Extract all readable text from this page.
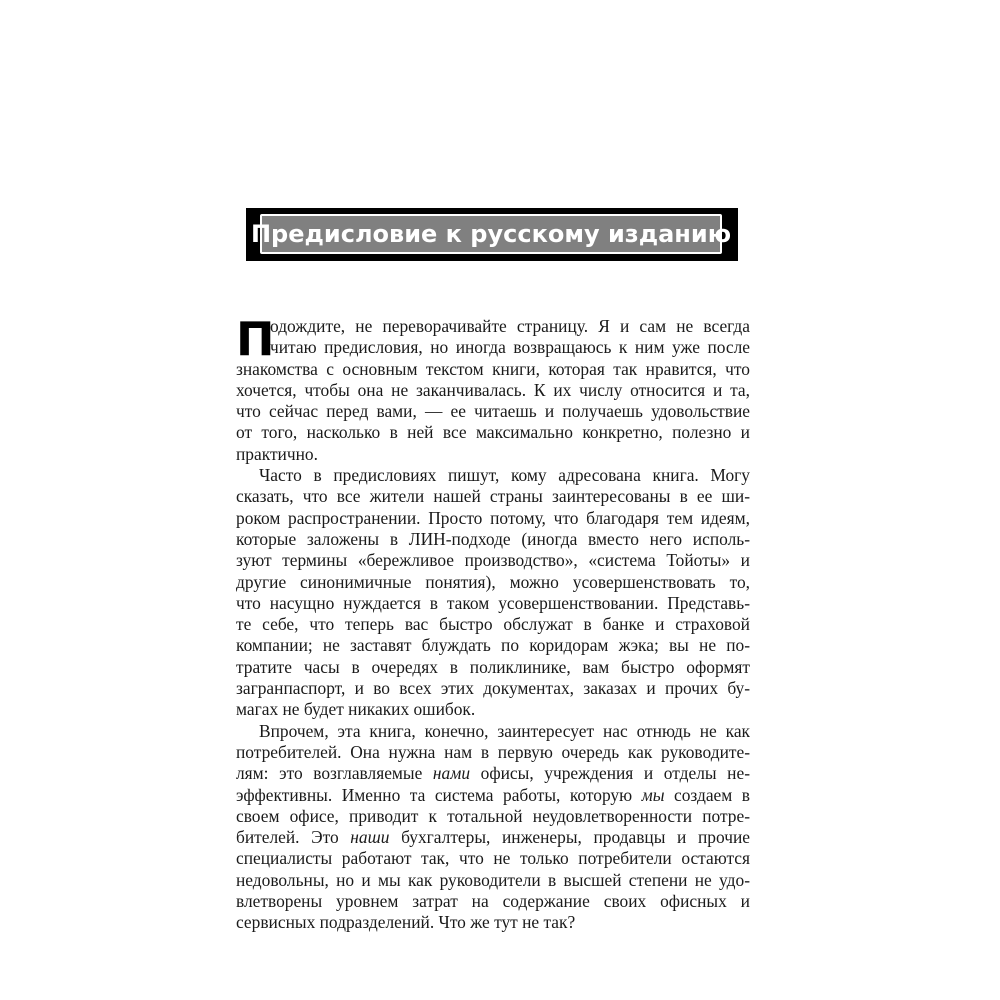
Предисловие к русскому изданию
П
одождите, не переворачивайте страницу. Я и сам не всегда
читаю предисловия, но иногда возвращаюсь к ним уже после
знакомства с основным текстом книги, которая так нравится, что
хочется, чтобы она не заканчивалась. К их числу относится и та,
что сейчас перед вами, — ее читаешь и получаешь удовольствие
от того, насколько в ней все максимально конкретно, полезно и
практично.
Часто в предисловиях пишут, кому адресована книга. Могу
сказать, что все жители нашей страны заинтересованы в ее ши-
роком распространении. Просто потому, что благодаря тем идеям,
которые заложены в ЛИН-подходе (иногда вместо него исполь-
зуют термины «бережливое производство», «система Тойоты» и
другие синонимичные понятия), можно усовершенствовать то,
что насущно нуждается в таком усовершенствовании. Представь-
те себе, что теперь вас быстро обслужат в банке и страховой
компании; не заставят блуждать по коридорам жэка; вы не по-
тратите часы в очередях в поликлинике, вам быстро оформят
загранпаспорт, и во всех этих документах, заказах и прочих бу-
магах не будет никаких ошибок.
Впрочем, эта книга, конечно, заинтересует нас отнюдь не как
потребителей. Она нужна нам в первую очередь как руководите-
лям: это возглавляемые нами офисы, учреждения и отделы не-
эффективны. Именно та система работы, которую мы создаем в
своем офисе, приводит к тотальной неудовлетворенности потре-
бителей. Это наши бухгалтеры, инженеры, продавцы и прочие
специалисты работают так, что не только потребители остаются
недовольны, но и мы как руководители в высшей степени не удо-
влетворены уровнем затрат на содержание своих офисных и
сервисных подразделений. Что же тут не так?
